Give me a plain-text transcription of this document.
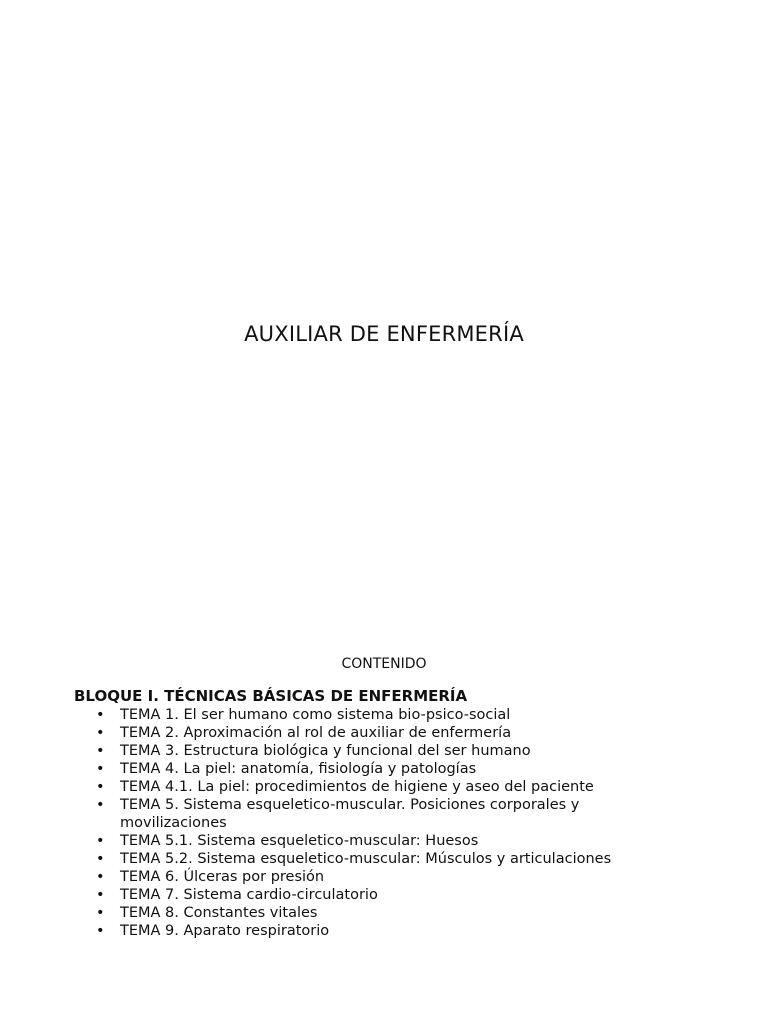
AUXILIAR DE ENFERMERÍA
CONTENIDO
BLOQUE I. TÉCNICAS BÁSICAS DE ENFERMERÍA
• TEMA 1. El ser humano como sistema bio-psico-social
• TEMA 2. Aproximación al rol de auxiliar de enfermería
• TEMA 3. Estructura biológica y funcional del ser humano
• TEMA 4. La piel: anatomía, fisiología y patologías
• TEMA 4.1. La piel: procedimientos de higiene y aseo del paciente
• TEMA 5. Sistema esqueletico-muscular. Posiciones corporales y movilizaciones
• TEMA 5.1. Sistema esqueletico-muscular: Huesos
• TEMA 5.2. Sistema esqueletico-muscular: Músculos y articulaciones
• TEMA 6. Úlceras por presión
• TEMA 7. Sistema cardio-circulatorio
• TEMA 8. Constantes vitales
• TEMA 9. Aparato respiratorio
